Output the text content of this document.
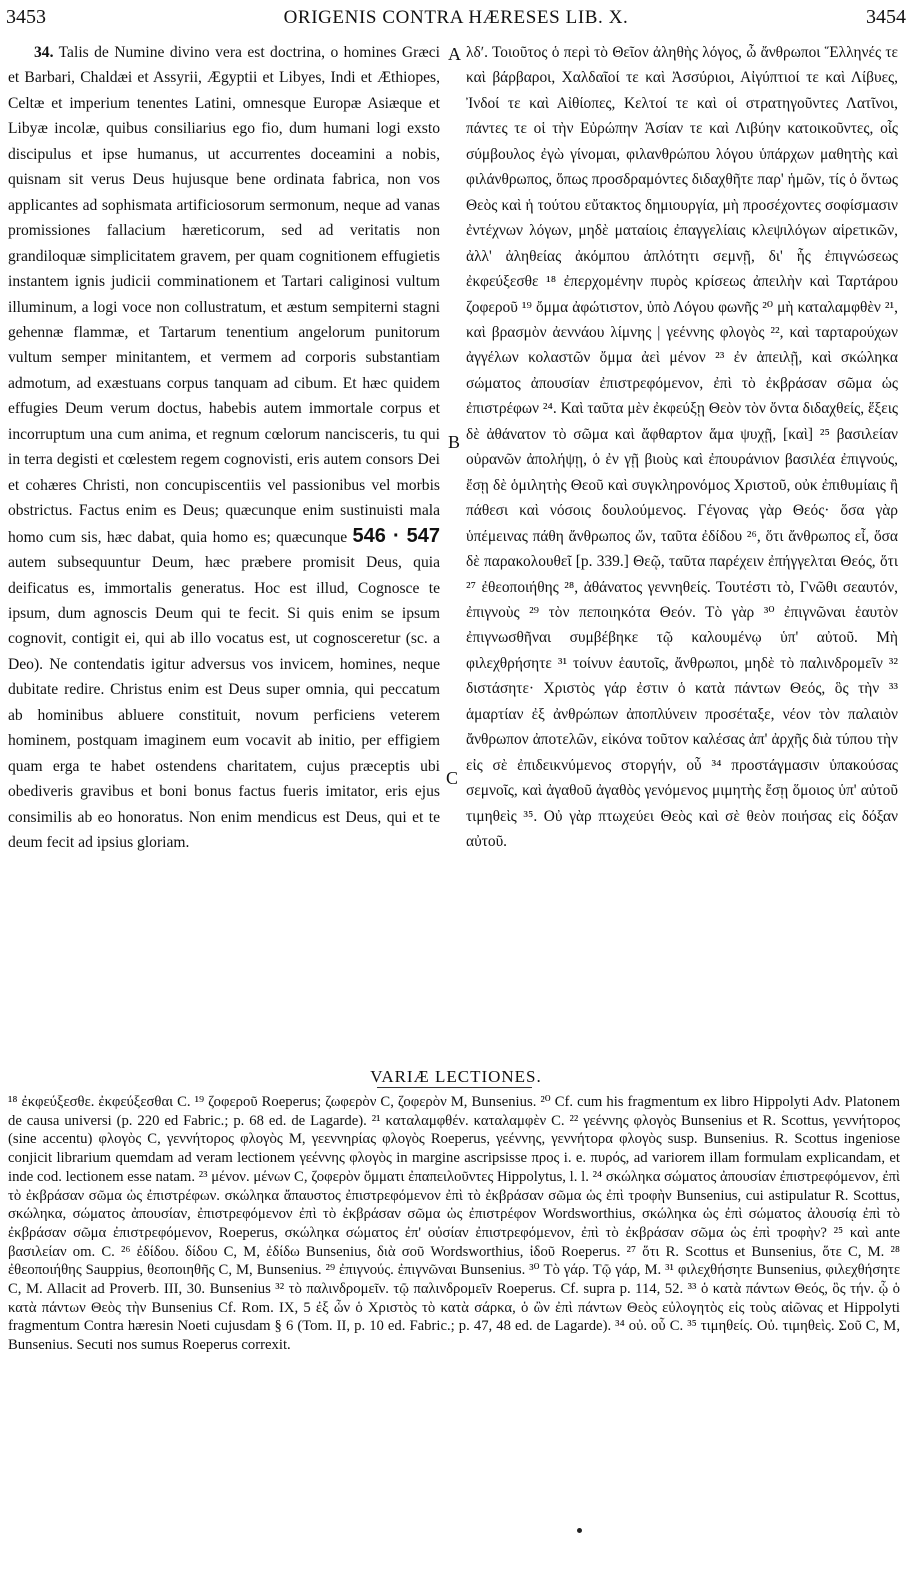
3453	ORIGENIS CONTRA HÆRESES LIB. X.	3454
A
B
C

34. Talis de Numine divino vera est doctrina, o homines Græci et Barbari, Chaldæi et Assyrii, Ægyptii et Libyes, Indi et Æthiopes, Celtæ et imperium tenentes Latini, omnesque Europæ Asiæque et Libyæ incolæ, quibus consiliarius ego fio, dum humani logi exsto discipulus et ipse humanus, ut accurrentes doceamini a nobis, quisnam sit verus Deus hujusque bene ordinata fabrica, non vos applicantes ad sophismata artificiosorum sermonum, neque ad vanas promissiones fallacium hæreticorum, sed ad veritatis non grandiloquæ simplicitatem gravem, per quam cognitionem effugietis instantem ignis judicii comminationem et Tartari caliginosi vultum illuminum, a logi voce non collustratum, et æstum sempiterni stagni gehennæ flammæ, et Tartarum tenentium angelorum punitorum vultum semper minitantem, et vermem ad corporis substantiam admotum, ad exæstuans corpus tanquam ad cibum. Et hæc quidem effugies Deum verum doctus, habebis autem immortale corpus et incorruptum una cum anima, et regnum cœlorum nancisceris, tu qui in terra degisti et cœlestem regem cognovisti, eris autem consors Dei et cohæres Christi, non concupiscentiis vel passionibus vel morbis obstrictus. Factus enim es Deus; quæcunque enim sustinuisti mala homo cum sis, hæc dabat, quia homo es; quæcunque 546 · 547 autem subsequuntur Deum, hæc præbere promisit Deus, quia deificatus es, immortalis generatus. Hoc est illud, Cognosce te ipsum, dum agnoscis Deum qui te fecit. Si quis enim se ipsum cognovit, contigit ei, qui ab illo vocatus est, ut cognosceretur (sc. a Deo). Ne contendatis igitur adversus vos invicem, homines, neque dubitate redire. Christus enim est Deus super omnia, qui peccatum ab hominibus abluere constituit, novum perficiens veterem hominem, postquam imaginem eum vocavit ab initio, per effigiem quam erga te habet ostendens charitatem, cujus præceptis ubi obediveris gravibus et boni bonus factus fueris imitator, eris ejus consimilis ab eo honoratus. Non enim mendicus est Deus, qui et te deum fecit ad ipsius gloriam.

λδʹ. Τοιοῦτος ὁ περὶ τὸ Θεῖον ἀληθὴς λόγος, ὦ ἄνθρωποι Ἕλληνές τε καὶ βάρβαροι, Χαλδαῖοί τε καὶ Ἀσσύριοι, Αἰγύπτιοί τε καὶ Λίβυες, Ἰνδοί τε καὶ Αἰθίοπες, Κελτοί τε καὶ οἱ στρατηγοῦντες Λατῖνοι, πάντες τε οἱ τὴν Εὐρώπην Ἀσίαν τε καὶ Λιβύην κατοικοῦντες, οἷς σύμβουλος ἐγὼ γίνομαι, φιλανθρώπου λόγου ὑπάρχων μαθητὴς καὶ φιλάνθρωπος, ὅπως προσδραμόντες διδαχθῆτε παρ' ἡμῶν, τίς ὁ ὄντως Θεὸς καὶ ἡ τούτου εὔτακτος δημιουργία, μὴ προσέχοντες σοφίσμασιν ἐντέχνων λόγων, μηδὲ ματαίοις ἐπαγγελίαις κλεψιλόγων αἱρετικῶν, ἀλλ' ἀληθείας ἀκόμπου ἁπλότητι σεμνῇ, δι' ἧς ἐπιγνώσεως ἐκφεύξεσθε ¹⁸ ἐπερχομένην πυρὸς κρίσεως ἀπειλὴν καὶ Ταρτάρου ζοφεροῦ ¹⁹ ὄμμα ἀφώτιστον, ὑπὸ Λόγου φωνῆς ²⁰ μὴ καταλαμφθὲν ²¹, καὶ βρασμὸν ἀεννάου λίμνης | γεέννης φλογὸς ²², καὶ ταρταρούχων ἀγγέλων κολαστῶν ὄμμα ἀεὶ μένον ²³ ἐν ἀπειλῇ, καὶ σκώληκα σώματος ἀπουσίαν ἐπιστρεφόμενον, ἐπὶ τὸ ἐκβράσαν σῶμα ὡς ἐπιστρέφων ²⁴. Καὶ ταῦτα μὲν ἐκφεύξῃ Θεὸν τὸν ὄντα διδαχθείς, ἕξεις δὲ ἀθάνατον τὸ σῶμα καὶ ἄφθαρτον ἅμα ψυχῇ, [καὶ] ²⁵ βασιλείαν οὐρανῶν ἀπολήψῃ, ὁ ἐν γῇ βιοὺς καὶ ἐπουράνιον βασιλέα ἐπιγνούς, ἔσῃ δὲ ὁμιλητὴς Θεοῦ καὶ συγκληρονόμος Χριστοῦ, οὐκ ἐπιθυμίαις ἢ πάθεσι καὶ νόσοις δουλούμενος. Γέγονας γὰρ Θεός· ὅσα γὰρ ὑπέμεινας πάθη ἄνθρωπος ὤν, ταῦτα ἐδίδου ²⁶, ὅτι ἄνθρωπος εἶ, ὅσα δὲ παρακολουθεῖ [p. 339.] Θεῷ, ταῦτα παρέχειν ἐπήγγελται Θεός, ὅτι ²⁷ ἐθεοποιήθης ²⁸, ἀθάνατος γεννηθείς. Τουτέστι τὸ, Γνῶθι σεαυτόν, ἐπιγνοὺς ²⁹ τὸν πεποιηκότα Θεόν. Τὸ γὰρ ³⁰ ἐπιγνῶναι ἑαυτὸν ἐπιγνωσθῆναι συμβέβηκε τῷ καλουμένῳ ὑπ' αὐτοῦ. Μὴ φιλεχθρήσητε ³¹ τοίνυν ἑαυτοῖς, ἄνθρωποι, μηδὲ τὸ παλινδρομεῖν ³² διστάσητε· Χριστὸς γάρ ἐστιν ὁ κατὰ πάντων Θεός, ὃς τὴν ³³ ἁμαρτίαν ἐξ ἀνθρώπων ἀποπλύνειν προσέταξε, νέον τὸν παλαιὸν ἄνθρωπον ἀποτελῶν, εἰκόνα τοῦτον καλέσας ἀπ' ἀρχῆς διὰ τύπου τὴν εἰς σὲ ἐπιδεικνύμενος στοργήν, οὗ ³⁴ προστάγμασιν ὑπακούσας σεμνοῖς, καὶ ἀγαθοῦ ἀγαθὸς γενόμενος μιμητὴς ἔσῃ ὅμοιος ὑπ' αὐτοῦ τιμηθεὶς ³⁵. Οὐ γὰρ πτωχεύει Θεὸς καὶ σὲ θεὸν ποιήσας εἰς δόξαν αὐτοῦ.

VARIÆ LECTIONES.

¹⁸ ἐκφεύξεσθε. ἐκφεύξεσθαι C. ¹⁹ ζοφεροῦ Roeperus; ζωφερὸν C, ζοφερὸν M, Bunsenius. ²⁰ Cf. cum his fragmentum ex libro Hippolyti Adv. Platonem de causa universi (p. 220 ed Fabric.; p. 68 ed. de Lagarde). ²¹ καταλαμφθέν. καταλαμφὲν C. ²² γεέννης φλογὸς Bunsenius et R. Scottus, γεννήτορος (sine accentu) φλογὸς C, γεννήτορος φλογὸς M, γεεννηρίας φλογὸς Roeperus, γεέννης, γεννήτορα φλογὸς susp. Bunsenius. R. Scottus ingeniose conjicit librarium quemdam ad veram lectionem γεέννης φλογὸς in margine ascripsisse προς i. e. πυρός, ad variorem illam formulam explicandam, et inde cod. lectionem esse natam. ²³ μένον. μένων C, ζοφερὸν ὄμματι ἐπαπειλοῦντες Hippolytus, l. l. ²⁴ σκώληκα σώματος ἀπουσίαν ἐπιστρεφόμενον, ἐπὶ τὸ ἐκβράσαν σῶμα ὡς ἐπιστρέφων. σκώληκα ἄπαυστος ἐπιστρεφόμενον ἐπὶ τὸ ἐκβράσαν σῶμα ὡς ἐπὶ τροφὴν Bunsenius, cui astipulatur R. Scottus, σκώληκα, σώματος ἀπουσίαν, ἐπιστρεφόμενον ἐπὶ τὸ ἐκβράσαν σῶμα ὡς ἐπιστρέφον Wordsworthius, σκώληκα ὡς ἐπὶ σώματος ἀλουσίᾳ ἐπὶ τὸ ἐκβράσαν σῶμα ἐπιστρεφόμενον, Roeperus, σκώληκα σώματος ἐπ' οὐσίαν ἐπιστρεφόμενον, ἐπὶ τὸ ἐκβράσαν σῶμα ὡς ἐπὶ τροφὴν? ²⁵ καὶ ante βασιλείαν om. C. ²⁶ ἐδίδου. δίδου C, M, ἐδίδω Bunsenius, διὰ σοῦ Wordsworthius, ἰδοῦ Roeperus. ²⁷ ὅτι R. Scottus et Bunsenius, ὅτε C, M. ²⁸ ἐθεοποιήθης Sauppius, θεοποιηθῆς C, M, Bunsenius. ²⁹ ἐπιγνούς. ἐπιγνῶναι Bunsenius. ³⁰ Τὸ γάρ. Τῷ γάρ, M. ³¹ φιλεχθήσητε Bunsenius, φιλεχθήσητε C, M. Allacit ad Proverb. III, 30. Bunsenius ³² τὸ παλινδρομεῖν. τῷ παλινδρομεῖν Roeperus. Cf. supra p. 114, 52. ³³ ὁ κατὰ πάντων Θεός, ὃς τήν. ᾧ ὁ κατὰ πάντων Θεὸς τὴν Bunsenius Cf. Rom. IX, 5 ἐξ ὧν ὁ Χριστὸς τὸ κατὰ σάρκα, ὁ ὢν ἐπὶ πάντων Θεὸς εὐλογητὸς εἰς τοὺς αἰῶνας et Hippolyti fragmentum Contra hæresin Noeti cujusdam § 6 (Tom. II, p. 10 ed. Fabric.; p. 47, 48 ed. de Lagarde). ³⁴ οὐ. οὗ C. ³⁵ τιμηθείς. Οὐ. τιμηθεὶς. Σοῦ C, M, Bunsenius. Secuti nos sumus Roeperus correxit.
